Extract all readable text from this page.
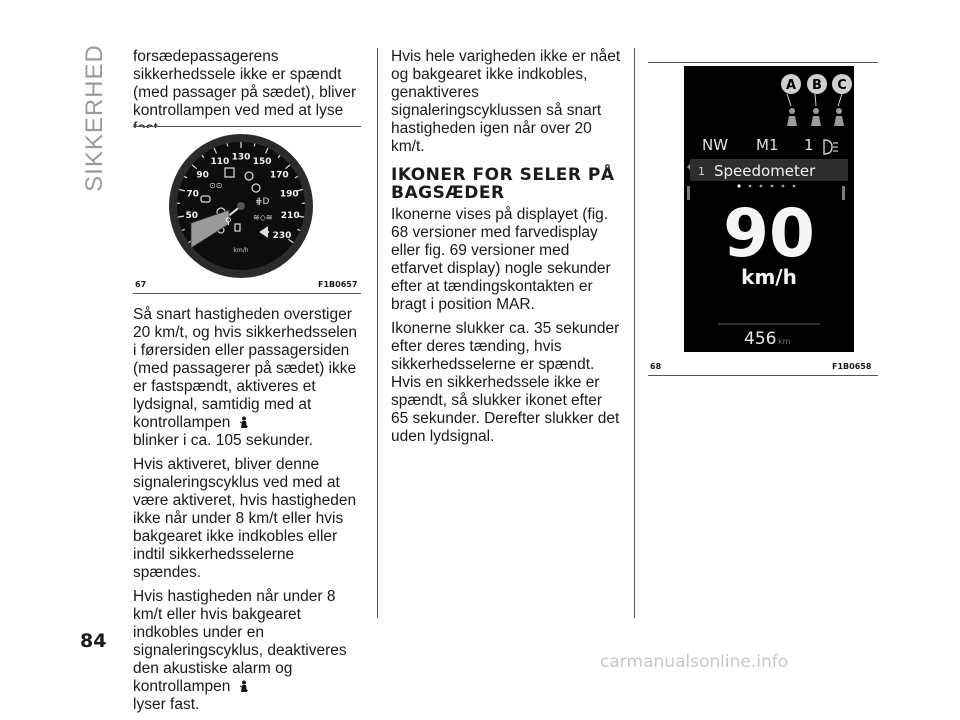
SIKKERHED forsædepassagerens sikkerhedssele ikke er spændt (med passager på sædet), bliver kontrollampen ved med at lyse

50
70
90
110 130 150
170
190
210
230
⊙⊙
⋕D
≋◇≋
km/h
⚲
67	F1B0657

Så snart hastigheden overstiger 20 km/t, og hvis sikkerhedsselen i førersiden eller passagersiden (med passagerer på sædet) ikke er fastspændt, aktiveres et lydsignal, samtidig med at kontrollampen
blinker i ca. 105 sekunder.

Hvis aktiveret, bliver denne signaleringscyklus ved med at være aktiveret, hvis hastigheden ikke når under 8 km/t eller hvis bakgearet ikke indkobles eller indtil sikkerhedsselerne spændes.

Hvis hastigheden når under 8 km/t eller hvis bakgearet indkobles under en signaleringscyklus, deaktiveres den akustiske alarm og kontrollampen
lyser fast.

Hvis hele varigheden ikke er nået og bakgearet ikke indkobles, genaktiveres signaleringscyklussen så snart hastigheden igen når over 20 km/t.

IKONER FOR SELER PÅ BAGSÆDER

Ikonerne vises på displayet (fig. 68 versioner med farvedisplay eller fig. 69 versioner med etfarvet display) nogle sekunder efter at tændingskontakten er bragt i position MAR.

Ikonerne slukker ca. 35 sekunder efter deres tænding, hvis sikkerhedsselerne er spændt. Hvis en sikkerhedssele ikke er spændt, så slukker ikonet efter 65 sekunder. Derefter slukker det uden lydsignal.

A B C
NW M1 1
1 Speedometer
90
km/h
456 km
68	F1B0658
84
carmanualsonline.info
